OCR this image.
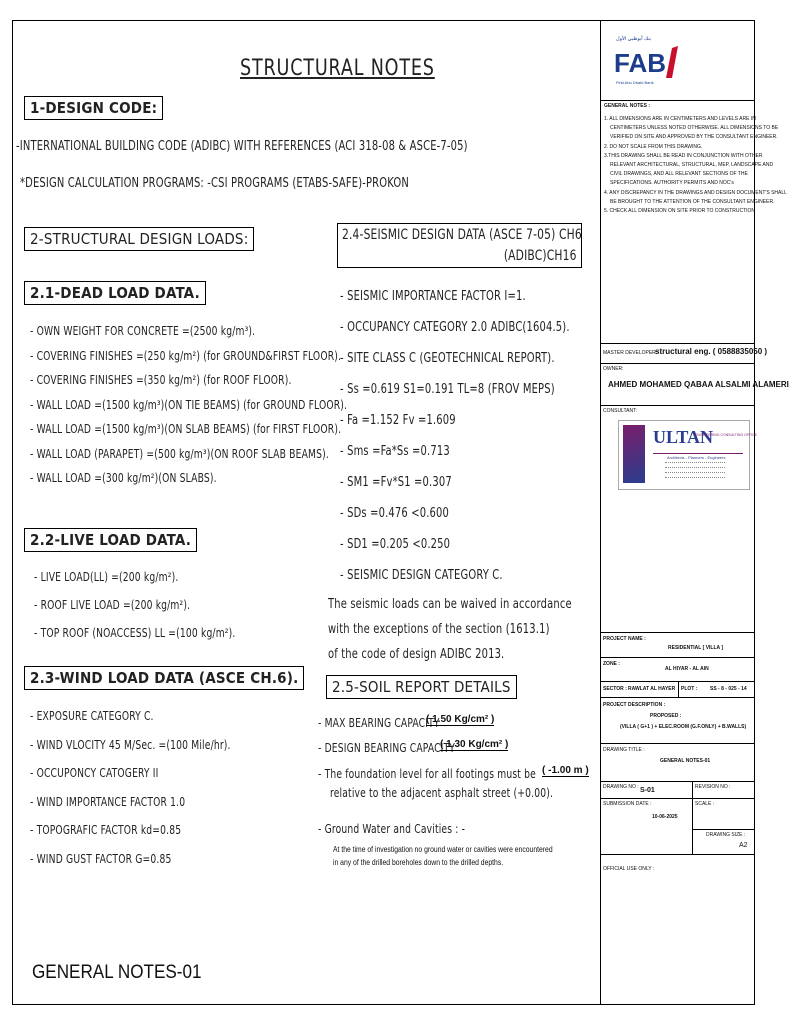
STRUCTURAL NOTES
1-DESIGN CODE:
-INTERNATIONAL BUILDING CODE (ADIBC) WITH REFERENCES (ACI 318-08 & ASCE-7-05)
*DESIGN CALCULATION PROGRAMS: -CSI PROGRAMS (ETABS-SAFE)-PROKON
2-STRUCTURAL DESIGN LOADS:
2.1-DEAD LOAD DATA.
- OWN WEIGHT FOR CONCRETE =(2500 kg/m³).
- COVERING FINISHES =(250 kg/m²) (for GROUND&FIRST FLOOR).
- COVERING FINISHES =(350 kg/m²) (for ROOF FLOOR).
- WALL LOAD =(1500 kg/m³)(ON TIE BEAMS) (for GROUND FLOOR).
- WALL LOAD =(1500 kg/m³)(ON SLAB BEAMS) (for FIRST FLOOR).
- WALL LOAD (PARAPET) =(500 kg/m³)(ON ROOF SLAB BEAMS).
- WALL LOAD =(300 kg/m²)(ON SLABS).
2.2-LIVE LOAD DATA.
- LIVE LOAD(LL) =(200 kg/m²).
- ROOF LIVE LOAD =(200 kg/m²).
- TOP ROOF (NOACCESS) LL =(100 kg/m²).
2.3-WIND LOAD DATA (ASCE CH.6).
- EXPOSURE CATEGORY C.
- WIND VLOCITY 45 M/Sec. =(100 Mile/hr).
- OCCUPONCY CATOGERY II
- WIND IMPORTANCE FACTOR 1.0
- TOPOGRAFIC FACTOR kd=0.85
- WIND GUST FACTOR G=0.85
2.4-SEISMIC DESIGN DATA (ASCE 7-05) CH6
(ADIBC)CH16
- SEISMIC IMPORTANCE FACTOR I=1.
- OCCUPANCY CATEGORY 2.0 ADIBC(1604.5).
- SITE CLASS C (GEOTECHNICAL REPORT).
- Ss =0.619 S1=0.191 TL=8 (FROV MEPS)
- Fa =1.152 Fv =1.609
- Sms =Fa*Ss =0.713
- SM1 =Fv*S1 =0.307
- SDs =0.476 <0.600
- SD1 =0.205 <0.250
- SEISMIC DESIGN CATEGORY C.
The seismic loads can be waived in accordance
with the exceptions of the section (1613.1)
of the code of design ADIBC 2013.
2.5-SOIL REPORT DETAILS
- MAX BEARING CAPACITY
( 1.50 Kg/cm² )
- DESIGN BEARING CAPACITY
( 1.30 Kg/cm² )
- The foundation level for all footings must be ( -1.00 m )
relative to the adjacent asphalt street (+0.00).
- Ground Water and Cavities : -
At the time of investigation no ground water or cavities were encountered
in any of the drilled boreholes down to the drilled depths.
GENERAL NOTES-01
FAB
بنك أبوظبي الأول
First Abu Dhabi Bank
GENERAL NOTES :
1. ALL DIMENSIONS ARE IN CENTIMETERS AND LEVELS ARE IN
CENTIMETERS UNLESS NOTED OTHERWISE. ALL DIMENSIONS TO BE
VERIFIED ON SITE AND APPROVED BY THE CONSULTANT ENGINEER.
2. DO NOT SCALE FROM THIS DRAWING.
3.THIS DRAWING SHALL BE READ IN CONJUNCTION WITH OTHER
RELEVANT ARCHITECTURAL, STRUCTURAL, MEP, LANDSCAPE AND
CIVIL DRAWINGS, AND ALL RELEVANT SECTIONS OF THE
SPECIFICATIONS. AUTHORITY PERMITS AND NOC's
4. ANY DISCREPANCY IN THE DRAWINGS AND DESIGN DOCUMENT'S SHALL
BE BROUGHT TO THE ATTENTION OF THE CONSULTANT ENGINEER.
5. CHECK ALL DIMENSION ON SITE PRIOR TO CONSTRUCTION
MASTER DEVELOPER :
structural eng. ( 0588835050 )
OWNER:
AHMED MOHAMED QABAA ALSALMI ALAMERI
CONSULTANT:
ULTAN
ENGINEERING CONSULTING OFFICE
Architects - Planners - Engineers
PROJECT NAME :
RESIDENTIAL [ VILLA ]
ZONE :
AL HIYAR - AL AIN
SECTOR : RAWLAT AL HAYER PLOT :	SS - 8 - 025 - 14
PROJECT DESCRIPTION :
PROPOSED :
(VILLA ( G+1 ) + ELEC.ROOM (G.F.ONLY) + B.WALLS)
DRAWING TITLE :
GENERAL NOTES-01
DRAWING NO : S-01	REVISION NO :
SUBMISSION DATE :
10-06-2025
SCALE :
DRAWING SIZE :
A2
OFFICIAL USE ONLY :
